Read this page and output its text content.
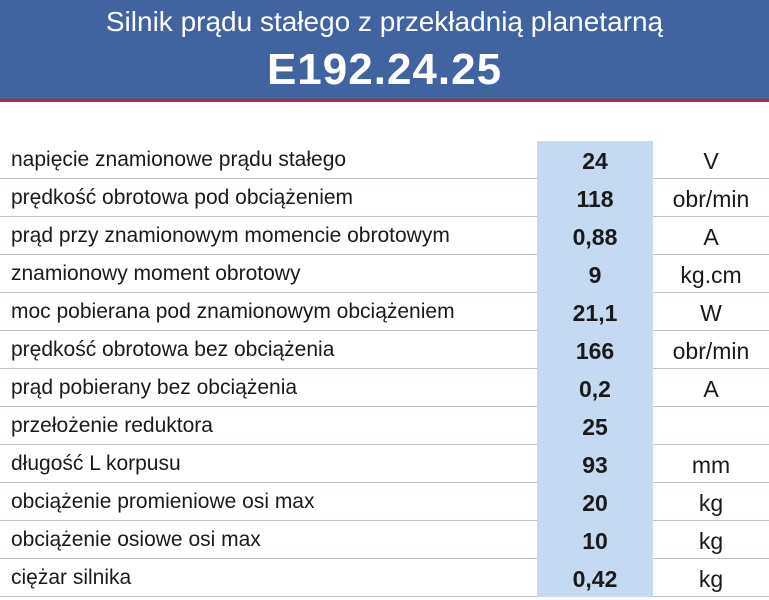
Silnik prądu stałego z przekładnią planetarną
E192.24.25
napięcie znamionowe prądu stałego	24	V
prędkość obrotowa pod obciążeniem	118	obr/min
prąd przy znamionowym momencie obrotowym	0,88	A
znamionowy moment obrotowy	9	kg.cm
moc pobierana pod znamionowym obciążeniem	21,1	W
prędkość obrotowa bez obciążenia	166	obr/min
prąd pobierany bez obciążenia	0,2	A
przełożenie reduktora	25
długość L korpusu	93	mm
obciążenie promieniowe osi max	20	kg
obciążenie osiowe osi max	10	kg
ciężar silnika	0,42	kg
